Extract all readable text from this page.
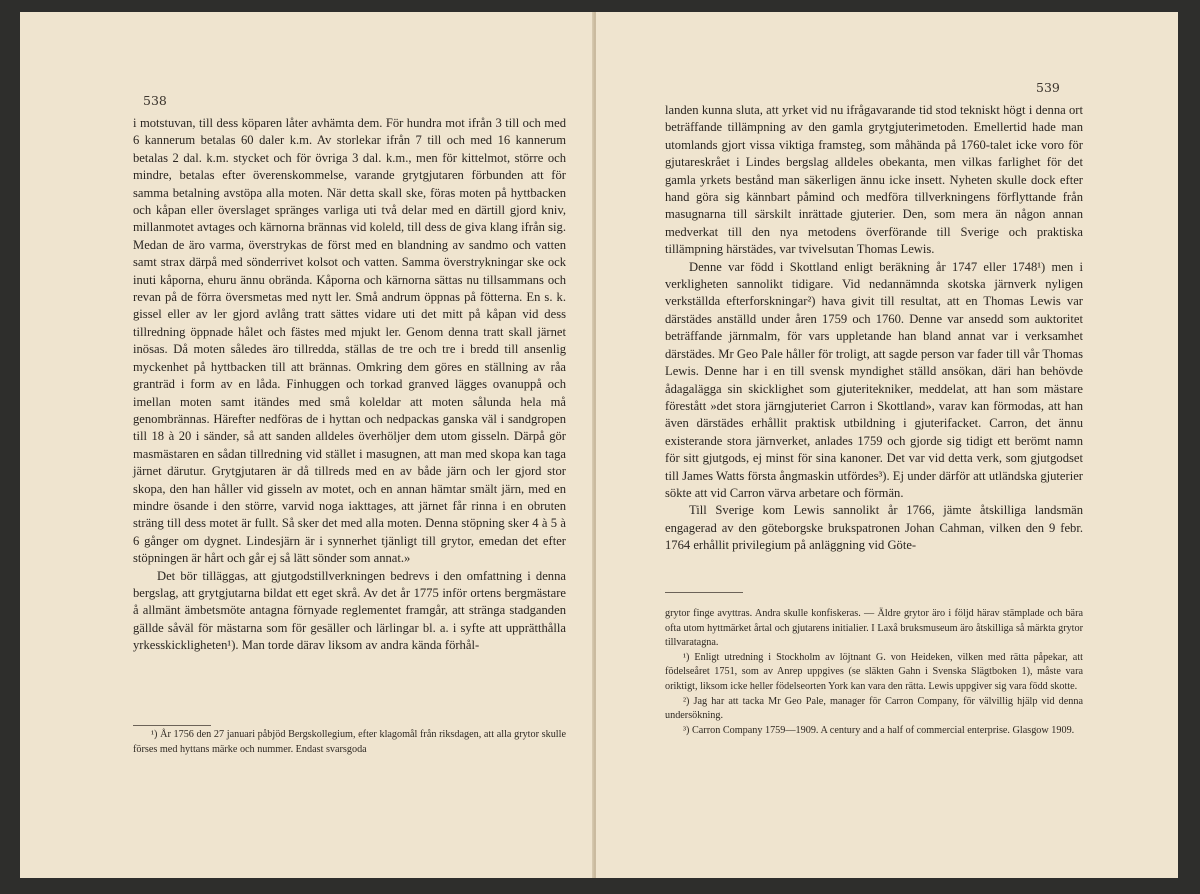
538

i motstuvan, till dess köparen låter avhämta dem. För hundra mot ifrån 3 till och med 6 kannerum betalas 60 daler k.m. Av storlekar ifrån 7 till och med 16 kannerum betalas 2 dal. k.m. stycket och för övriga 3 dal. k.m., men för kittelmot, större och mindre, betalas efter överenskommelse, varande grytgjutaren förbunden att för samma betalning avstöpa alla moten. När detta skall ske, föras moten på hyttbacken och kåpan eller överslaget spränges varliga uti två delar med en därtill gjord kniv, millanmotet avtages och kärnorna brännas vid koleld, till dess de giva klang ifrån sig. Medan de äro varma, överstrykas de först med en blandning av sandmo och vatten samt strax därpå med sönderrivet kolsot och vatten. Samma överstrykningar ske ock inuti kåporna, ehuru ännu obrända. Kåporna och kärnorna sättas nu tillsammans och revan på de förra översmetas med nytt ler. Små andrum öppnas på fötterna. En s. k. gissel eller av ler gjord avlång tratt sättes vidare uti det mitt på kåpan vid dess tillredning öppnade hålet och fästes med mjukt ler. Genom denna tratt skall järnet inösas. Då moten således äro tillredda, ställas de tre och tre i bredd till ansenlig myckenhet på hyttbacken till att brännas. Omkring dem göres en ställning av råa granträd i form av en låda. Finhuggen och torkad granved lägges ovanuppå och imellan moten samt itändes med små koleldar att moten sålunda hela må genombrännas. Härefter nedföras de i hyttan och nedpackas ganska väl i sandgropen till 18 à 20 i sänder, så att sanden alldeles överhöljer dem utom gisseln. Därpå gör masmästaren en sådan tillredning vid stället i masugnen, att man med skopa kan taga järnet därutur. Grytgjutaren är då tillreds med en av både järn och ler gjord stor skopa, den han håller vid gisseln av motet, och en annan hämtar smält järn, med en mindre ösande i den större, varvid noga iakttages, att järnet får rinna i en obruten sträng till dess motet är fullt. Så sker det med alla moten. Denna stöpning sker 4 à 5 à 6 gånger om dygnet. Lindesjärn är i synnerhet tjänligt till grytor, emedan det efter stöpningen är hårt och går ej så lätt sönder som annat.»

Det bör tilläggas, att gjutgodstillverkningen bedrevs i den omfattning i denna bergslag, att grytgjutarna bildat ett eget skrå. Av det år 1775 inför ortens bergmästare å allmänt ämbetsmöte antagna förnyade reglementet framgår, att stränga stadganden gällde såväl för mästarna som för gesäller och lärlingar bl. a. i syfte att upprätthålla yrkesskickligheten¹). Man torde därav liksom av andra kända förhål-

¹) År 1756 den 27 januari påbjöd Bergskollegium, efter klagomål från riksdagen, att alla grytor skulle förses med hyttans märke och nummer. Endast svarsgoda

539

landen kunna sluta, att yrket vid nu ifrågavarande tid stod tekniskt högt i denna ort beträffande tillämpning av den gamla grytgjuterimetoden. Emellertid hade man utomlands gjort vissa viktiga framsteg, som måhända på 1760-talet icke voro för gjutareskrået i Lindes bergslag alldeles obekanta, men vilkas farlighet för det gamla yrkets bestånd man säkerligen ännu icke insett. Nyheten skulle dock efter hand göra sig kännbart påmind och medföra tillverkningens förflyttande från masugnarna till särskilt inrättade gjuterier. Den, som mera än någon annan medverkat till den nya metodens överförande till Sverige och praktiska tillämpning härstädes, var tvivelsutan Thomas Lewis.

Denne var född i Skottland enligt beräkning år 1747 eller 1748¹) men i verkligheten sannolikt tidigare. Vid nedannämnda skotska järnverk nyligen verkställda efterforskningar²) hava givit till resultat, att en Thomas Lewis var därstädes anställd under åren 1759 och 1760. Denne var ansedd som auktoritet beträffande järnmalm, för vars uppletande han bland annat var i verksamhet därstädes. Mr Geo Pale håller för troligt, att sagde person var fader till vår Thomas Lewis. Denne har i en till svensk myndighet ställd ansökan, däri han behövde ådagalägga sin skicklighet som gjuteritekniker, meddelat, att han som mästare förestått »det stora järngjuteriet Carron i Skottland», varav kan förmodas, att han även därstädes erhållit praktisk utbildning i gjuterifacket. Carron, det ännu existerande stora järnverket, anlades 1759 och gjorde sig tidigt ett berömt namn för sitt gjutgods, ej minst för sina kanoner. Det var vid detta verk, som gjutgodset till James Watts första ångmaskin utfördes³). Ej under därför att utländska gjuterier sökte att vid Carron värva arbetare och förmän.

Till Sverige kom Lewis sannolikt år 1766, jämte åtskilliga landsmän engagerad av den göteborgske brukspatronen Johan Cahman, vilken den 9 febr. 1764 erhållit privilegium på anläggning vid Göte-

grytor finge avyttras. Andra skulle konfiskeras. — Äldre grytor äro i följd härav stämplade och bära ofta utom hyttmärket årtal och gjutarens initialier. I Laxå bruksmuseum äro åtskilliga så märkta grytor tillvaratagna.

¹) Enligt utredning i Stockholm av löjtnant G. von Heideken, vilken med rätta påpekar, att födelseåret 1751, som av Anrep uppgives (se släkten Gahn i Svenska Slägtboken 1), måste vara oriktigt, liksom icke heller födelseorten York kan vara den rätta. Lewis uppgiver sig vara född skotte.

²) Jag har att tacka Mr Geo Pale, manager för Carron Company, för välvillig hjälp vid denna undersökning.

³) Carron Company 1759—1909. A century and a half of commercial enterprise. Glasgow 1909.
